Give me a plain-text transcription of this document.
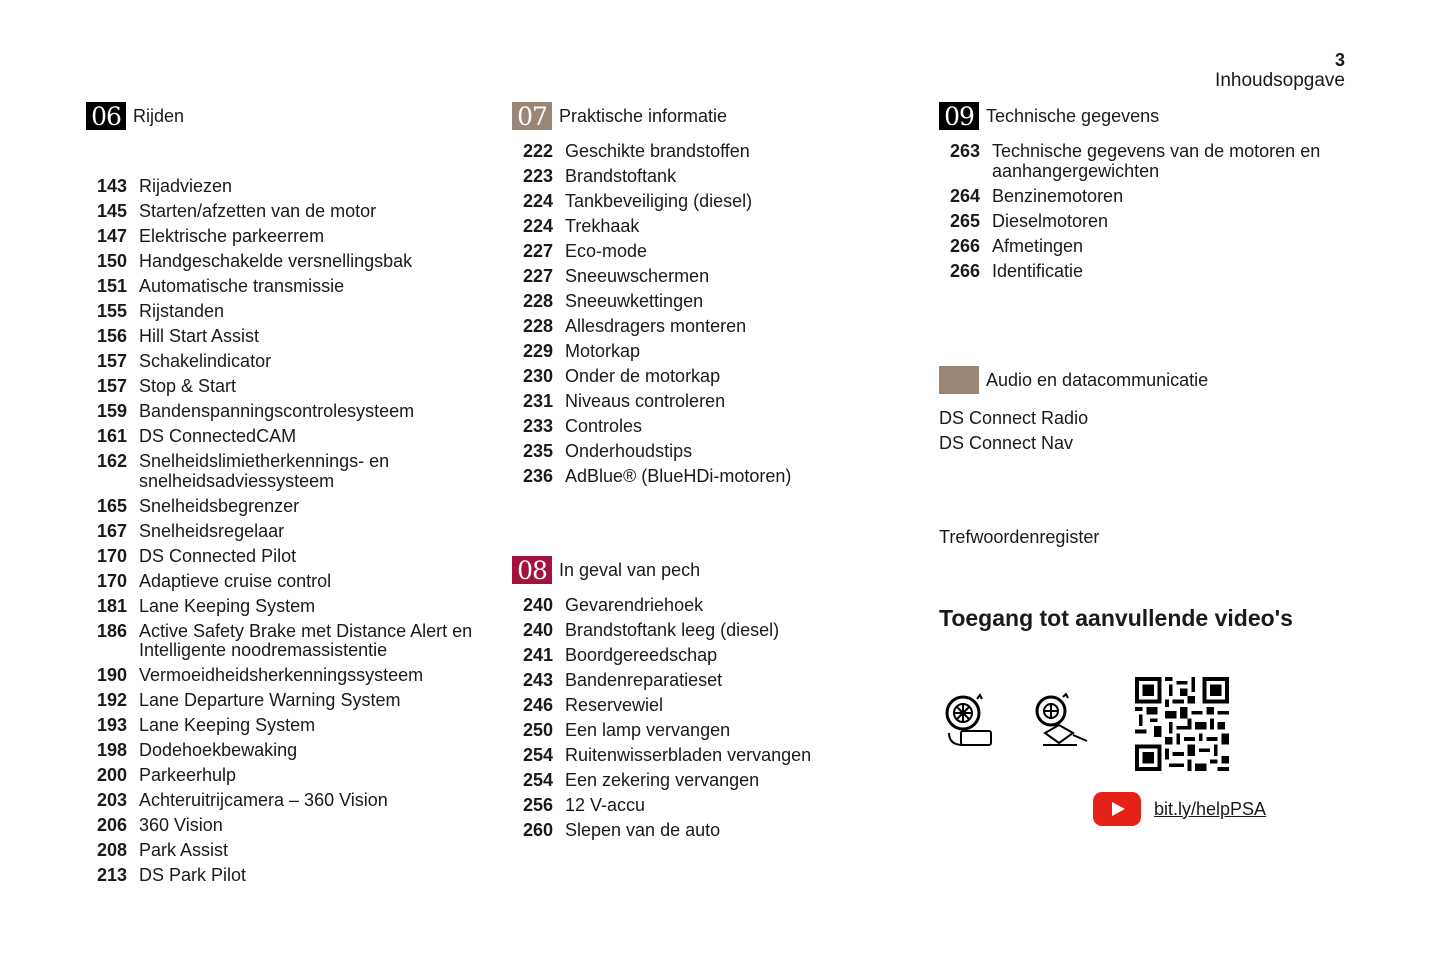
3
Inhoudsopgave
06 Rijden
143 Rijadviezen
145 Starten/afzetten van de motor
147 Elektrische parkeerrem
150 Handgeschakelde versnellingsbak
151 Automatische transmissie
155 Rijstanden
156 Hill Start Assist
157 Schakelindicator
157 Stop & Start
159 Bandenspanningscontrolesysteem
161 DS ConnectedCAM
162 Snelheidslimietherkennings- en snelheidsadviessysteem
165 Snelheidsbegrenzer
167 Snelheidsregelaar
170 DS Connected Pilot
170 Adaptieve cruise control
181 Lane Keeping System
186 Active Safety Brake met Distance Alert en Intelligente noodremassistentie
190 Vermoeidheidsherkenningssysteem
192 Lane Departure Warning System
193 Lane Keeping System
198 Dodehoekbewaking
200 Parkeerhulp
203 Achteruitrijcamera – 360 Vision
206 360 Vision
208 Park Assist
213 DS Park Pilot
07 Praktische informatie
222 Geschikte brandstoffen
223 Brandstoftank
224 Tankbeveiliging (diesel)
224 Trekhaak
227 Eco-mode
227 Sneeuwschermen
228 Sneeuwkettingen
228 Allesdragers monteren
229 Motorkap
230 Onder de motorkap
231 Niveaus controleren
233 Controles
235 Onderhoudstips
236 AdBlue® (BlueHDi-motoren)
08 In geval van pech
240 Gevarendriehoek
240 Brandstoftank leeg (diesel)
241 Boordgereedschap
243 Bandenreparatieset
246 Reservewiel
250 Een lamp vervangen
254 Ruitenwisserbladen vervangen
254 Een zekering vervangen
256 12 V-accu
260 Slepen van de auto
09 Technische gegevens
263 Technische gegevens van de motoren en aanhangergewichten
264 Benzinemotoren
265 Dieselmotoren
266 Afmetingen
266 Identificatie
Audio en datacommunicatie
DS Connect Radio
DS Connect Nav
Trefwoordenregister
Toegang tot aanvullende video's
bit.ly/helpPSA
